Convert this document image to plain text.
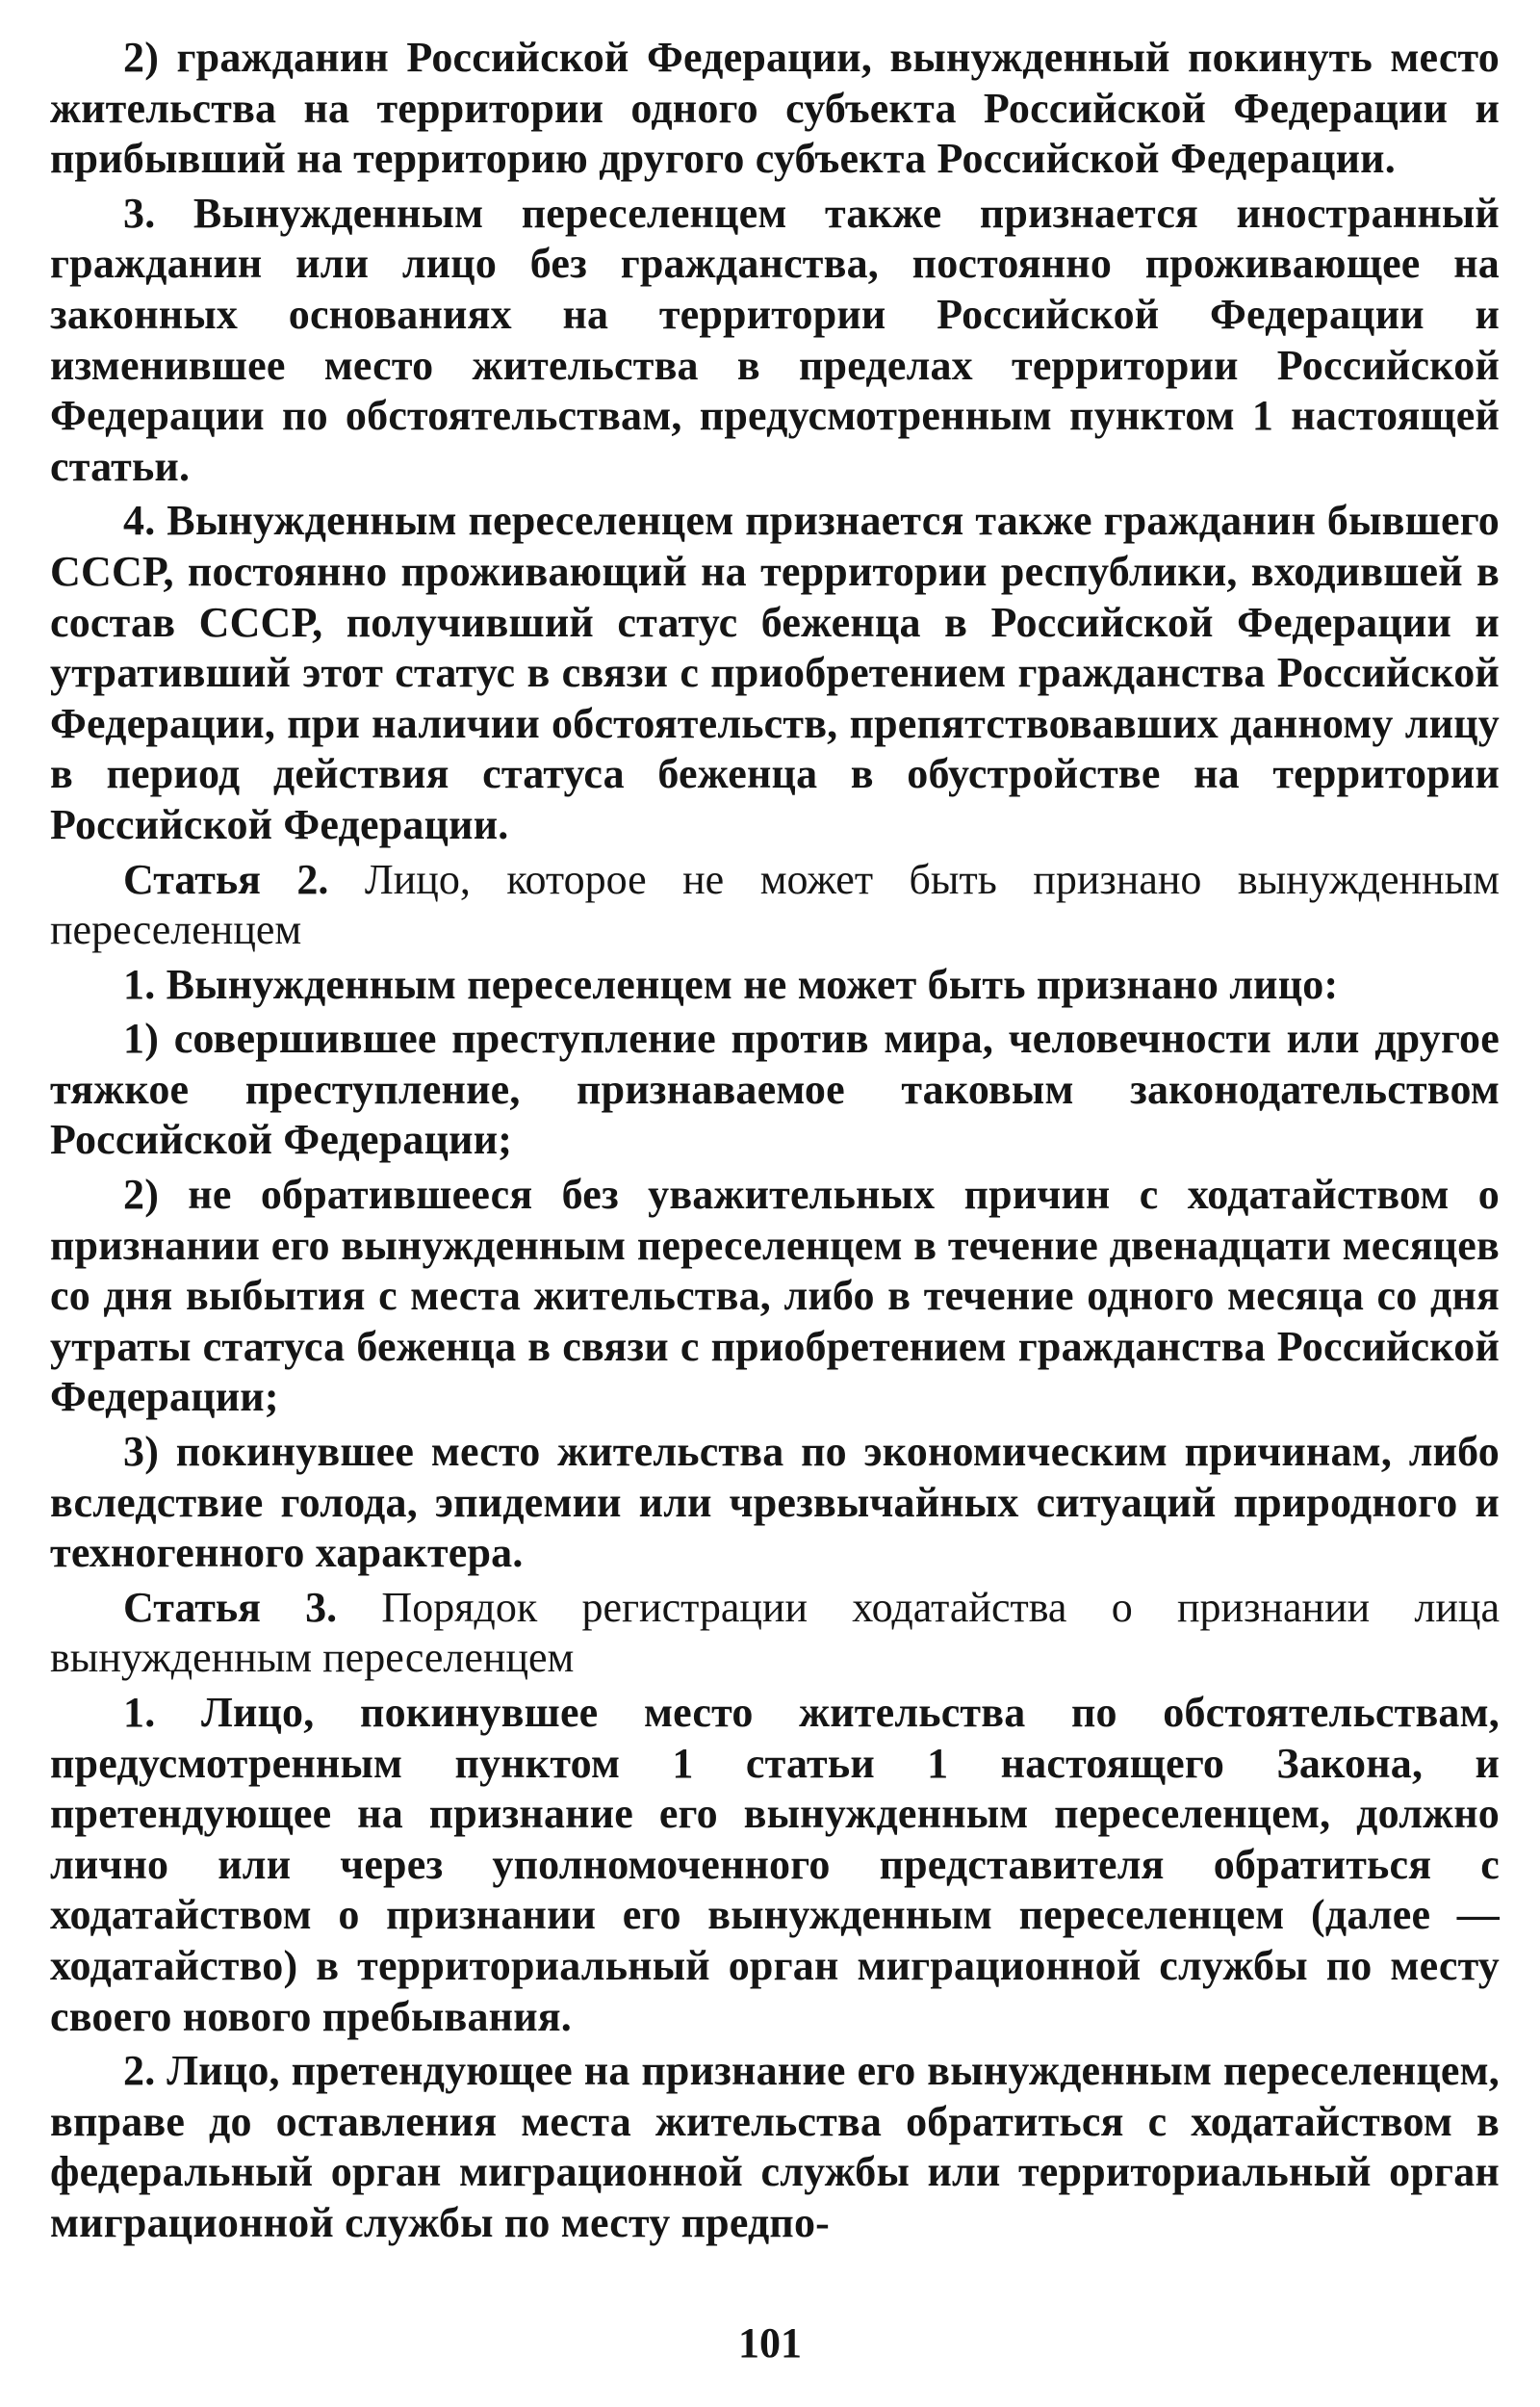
2) гражданин Российской Федерации, вынужденный покинуть место жительства на территории одного субъекта Российской Федерации и прибывший на территорию другого субъекта Российской Федерации.

3. Вынужденным переселенцем также признается иностранный гражданин или лицо без гражданства, постоянно проживающее на законных основаниях на территории Российской Федерации и изменившее место жительства в пределах территории Российской Федерации по обстоятельствам, предусмотренным пунктом 1 настоящей статьи.

4. Вынужденным переселенцем признается также гражданин бывшего СССР, постоянно проживающий на территории республики, входившей в состав СССР, получивший статус беженца в Российской Федерации и утративший этот статус в связи с приобретением гражданства Российской Федерации, при наличии обстоятельств, препятствовавших данному лицу в период действия статуса беженца в обустройстве на территории Российской Федерации.

Статья 2. Лицо, которое не может быть признано вынужденным переселенцем

1. Вынужденным переселенцем не может быть признано лицо:

1) совершившее преступление против мира, человечности или другое тяжкое преступление, признаваемое таковым законодательством Российской Федерации;

2) не обратившееся без уважительных причин с ходатайством о признании его вынужденным переселенцем в течение двенадцати месяцев со дня выбытия с места жительства, либо в течение одного месяца со дня утраты статуса беженца в связи с приобретением гражданства Российской Федерации;

3) покинувшее место жительства по экономическим причинам, либо вследствие голода, эпидемии или чрезвычайных ситуаций природного и техногенного характера.

Статья 3. Порядок регистрации ходатайства о признании лица вынужденным переселенцем

1. Лицо, покинувшее место жительства по обстоятельствам, предусмотренным пунктом 1 статьи 1 настоящего Закона, и претендующее на признание его вынужденным переселенцем, должно лично или через уполномоченного представителя обратиться с ходатайством о признании его вынужденным переселенцем (далее — ходатайство) в территориальный орган миграционной службы по месту своего нового пребывания.

2. Лицо, претендующее на признание его вынужденным переселенцем, вправе до оставления места жительства обратиться с ходатайством в федеральный орган миграционной службы или территориальный орган миграционной службы по месту предпо-

101
